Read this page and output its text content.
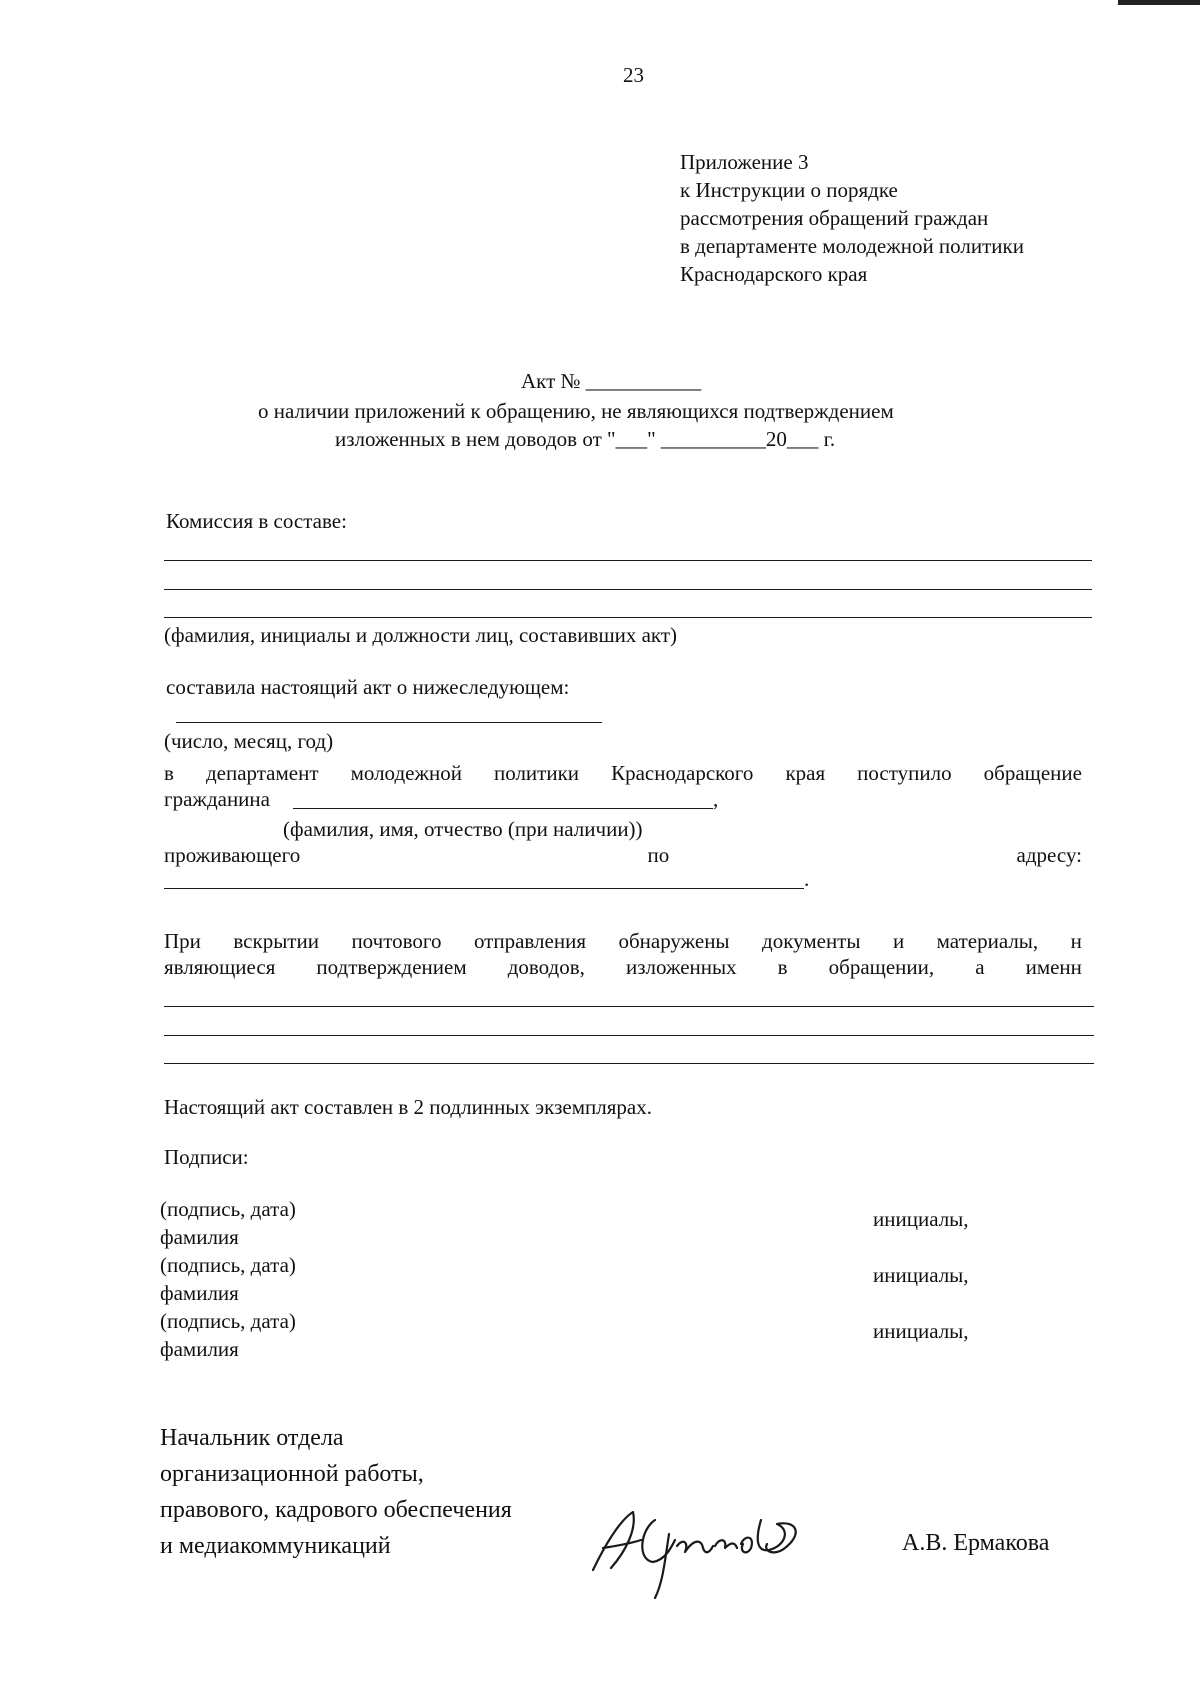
23
Приложение 3
к Инструкции о порядке
рассмотрения обращений граждан
в департаменте молодежной политики
Краснодарского края
Акт № ___________
о наличии приложений к обращению, не являющихся подтверждением
изложенных в нем доводов от "___" __________20___ г.
Комиссия в составе:
(фамилия, инициалы и должности лиц, составивших акт)
составила настоящий акт о нижеследующем:
(число, месяц, год)
в департамент молодежной политики Краснодарского края поступило обращение
гражданина	,
(фамилия, имя, отчество (при наличии))
проживающего	по	адресу:
.
При вскрытии почтового отправления обнаружены документы и материалы, н
являющиеся подтверждением доводов, изложенных в обращении, а именн
Настоящий акт составлен в 2 подлинных экземплярах.
Подписи:
(подпись, дата)	инициалы,
фамилия
(подпись, дата)	инициалы,
фамилия
(подпись, дата)	инициалы,
фамилия
Начальник отдела
организационной работы,
правового, кадрового обеспечения
и медиакоммуникаций	А.В. Ермакова
